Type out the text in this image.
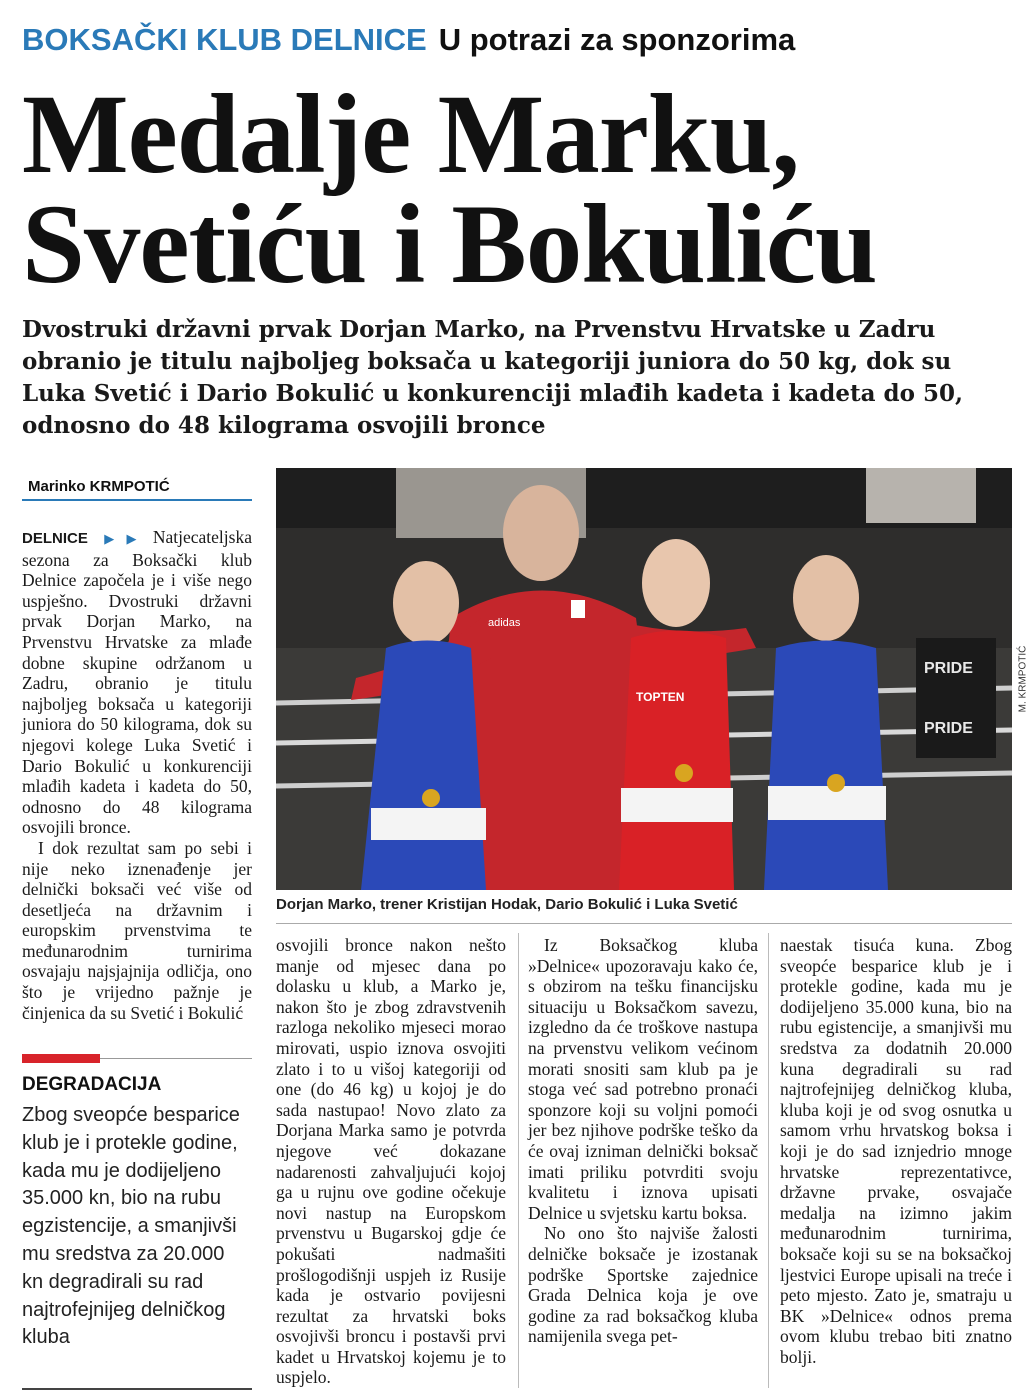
BOKSAČKI KLUB DELNICE U potrazi za sponzorima
Medalje Marku,
Svetiću i Bokuliću
Dvostruki državni prvak Dorjan Marko, na Prvenstvu Hrvatske u Zadru obranio je titulu najboljeg boksača u kategoriji juniora do 50 kg, dok su Luka Svetić i Dario Bokulić u konkurenciji mlađih kadeta i kadeta do 50, odnosno do 48 kilograma osvojili bronce
Marinko KRMPOTIĆ

DELNICE ▶▶ Natjecateljska sezona za Boksački klub Delnice započela je i više nego uspješno. Dvostruki državni prvak Dorjan Marko, na Prvenstvu Hrvatske za mlađe dobne skupine održanom u Zadru, obranio je titulu najboljeg boksača u kategoriji juniora do 50 kilograma, dok su njegovi kolege Luka Svetić i Dario Bokulić u konkurenciji mlađih kadeta i kadeta do 50, odnosno do 48 kilograma osvojili bronce.

I dok rezultat sam po sebi i nije neko iznenađenje jer delnički boksači već više od desetljeća na državnim i europskim prvenstvima te međunarodnim turnirima osvajaju najsjajnija odličja, ono što je vrijedno pažnje je činjenica da su Svetić i Bokulić

DEGRADACIJA
Zbog sveopće besparice klub je i protekle godine, kada mu je dodijeljeno 35.000 kn, bio na rubu egzistencije, a smanjivši mu sredstva za 20.000 kn degradirali su rad najtrofejnijeg delničkog kluba
PRIDE
PRIDE
adidas
TOPTEN	M. KRMPOTIĆ
Dorjan Marko, trener Kristijan Hodak, Dario Bokulić i Luka Svetić

osvojili bronce nakon nešto manje od mjesec dana po dolasku u klub, a Marko je, nakon što je zbog zdravstvenih razloga nekoliko mjeseci morao mirovati, uspio iznova osvojiti zlato i to u višoj kategoriji od one (do 46 kg) u kojoj je do sada nastupao! Novo zlato za Dorjana Marka samo je potvrda njegove već dokazane nadarenosti zahvaljujući kojoj ga u rujnu ove godine očekuje novi nastup na Europskom prvenstvu u Bugarskoj gdje će pokušati nadmašiti prošlogodišnji uspjeh iz Rusije kada je ostvario povijesni rezultat za hrvatski boks osvojivši broncu i postavši prvi kadet u Hrvatskoj kojemu je to uspjelo.

Iz Boksačkog kluba »Delnice« upozoravaju kako će, s obzirom na tešku financijsku situaciju u Boksačkom savezu, izgledno da će troškove nastupa na prvenstvu velikom većinom morati snositi sam klub pa je stoga već sad potrebno pronaći sponzore koji su voljni pomoći jer bez njihove podrške teško da će ovaj izniman delnički boksač imati priliku potvrditi svoju kvalitetu i iznova upisati Delnice u svjetsku kartu boksa.

No ono što najviše žalosti delničke boksače je izostanak podrške Sportske zajednice Grada Delnica koja je ove godine za rad boksačkog kluba namijenila svega pet-

naestak tisuća kuna. Zbog sveopće besparice klub je i protekle godine, kada mu je dodijeljeno 35.000 kuna, bio na rubu egistencije, a smanjivši mu sredstva za dodatnih 20.000 kuna degradirali su rad najtrofejnijeg delničkog kluba, kluba koji je od svog osnutka u samom vrhu hrvatskog boksa i koji je do sad iznjedrio mnoge hrvatske reprezentativce, državne prvake, osvajače medalja na izimno jakim međunarodnim turnirima, boksače koji su se na boksačkoj ljestvici Europe upisali na treće i peto mjesto. Zato je, smatraju u BK »Delnice« odnos prema ovom klubu trebao biti znatno bolji.
